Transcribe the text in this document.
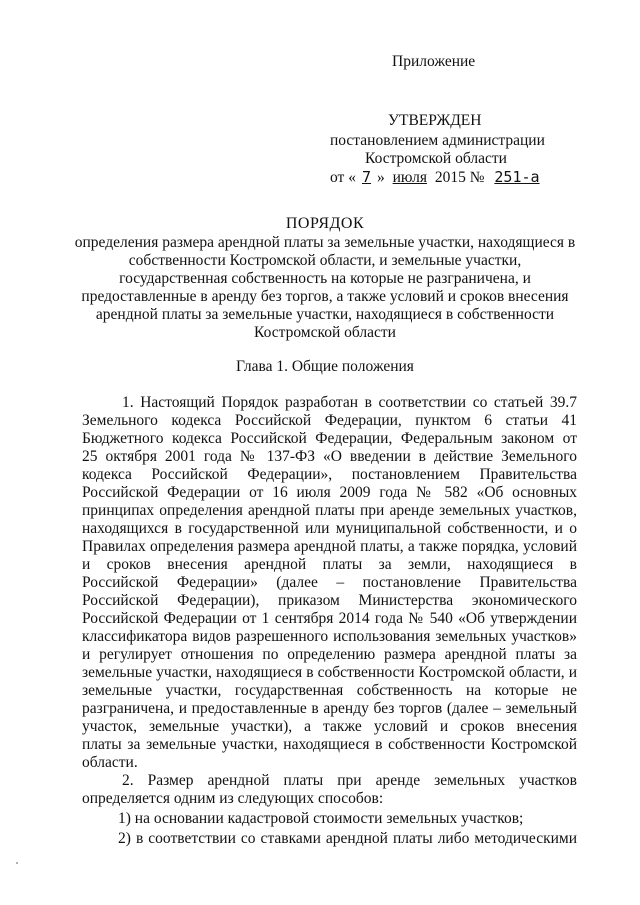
Приложение
УТВЕРЖДЕН
постановлением администрации
Костромской области
от « 7 » июля 2015 № 251-а
ПОРЯДОК
определения размера арендной платы за земельные участки, находящиеся в
собственности Костромской области, и земельные участки,
государственная собственность на которые не разграничена, и
предоставленные в аренду без торгов, а также условий и сроков внесения
арендной платы за земельные участки, находящиеся в собственности
Костромской области
Глава 1. Общие положения
1. Настоящий Порядок разработан в соответствии со статьей 39.7
Земельного кодекса Российской Федерации, пунктом 6 статьи 41
Бюджетного кодекса Российской Федерации, Федеральным законом от
25 октября 2001 года № 137-ФЗ «О введении в действие Земельного
кодекса Российской Федерации», постановлением Правительства
Российской Федерации от 16 июля 2009 года № 582 «Об основных
принципах определения арендной платы при аренде земельных участков,
находящихся в государственной или муниципальной собственности, и о
Правилах определения размера арендной платы, а также порядка, условий
и сроков внесения арендной платы за земли, находящиеся в
Российской Федерации» (далее – постановление Правительства
Российской Федерации), приказом Министерства экономического
Российской Федерации от 1 сентября 2014 года № 540 «Об утверждении
классификатора видов разрешенного использования земельных участков»
и регулирует отношения по определению размера арендной платы за
земельные участки, находящиеся в собственности Костромской области, и
земельные участки, государственная собственность на которые не
разграничена, и предоставленные в аренду без торгов (далее – земельный
участок, земельные участки), а также условий и сроков внесения
платы за земельные участки, находящиеся в собственности Костромской
области.
2. Размер арендной платы при аренде земельных участков
определяется одним из следующих способов:
1) на основании кадастровой стоимости земельных участков;
2) в соответствии со ставками арендной платы либо методическими
